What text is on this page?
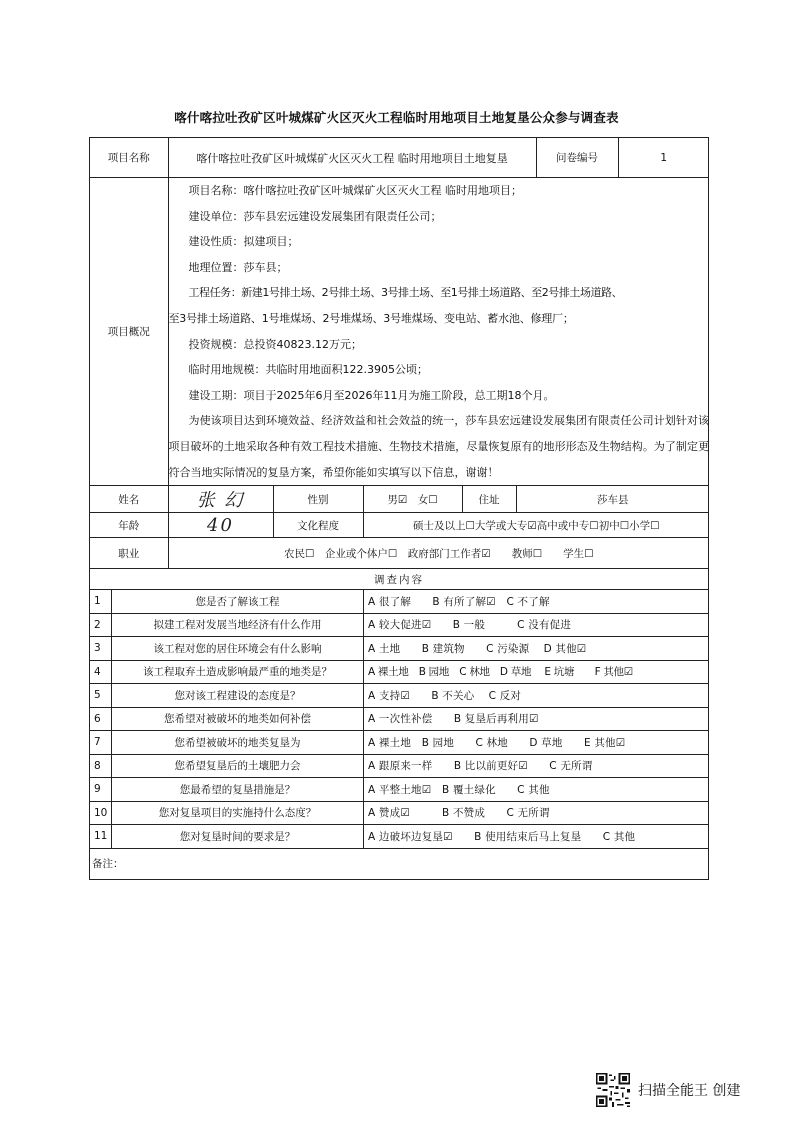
喀什喀拉吐孜矿区叶城煤矿火区灭火工程临时用地项目土地复垦公众参与调查表
项目名称	喀什喀拉吐孜矿区叶城煤矿火区灭火工程 临时用地项目土地复垦	问卷编号	1

项目概况	
项目名称：喀什喀拉吐孜矿区叶城煤矿火区灭火工程 临时用地项目；
建设单位：莎车县宏远建设发展集团有限责任公司；
建设性质：拟建项目；
地理位置：莎车县；
工程任务：新建1号排土场、2号排土场、3号排土场、至1号排土场道路、至2号排土场道路、
至3号排土场道路、1号堆煤场、2号堆煤场、3号堆煤场、变电站、蓄水池、修理厂；
投资规模：总投资40823.12万元；
临时用地规模：共临时用地面积122.3905公顷；
建设工期：项目于2025年6月至2026年11月为施工阶段，总工期18个月。
为使该项目达到环境效益、经济效益和社会效益的统一，莎车县宏远建设发展集团有限责任公司计划针对该项目破坏的土地采取各种有效工程技术措施、生物技术措施，尽量恢复原有的地形形态及生物结构。为了制定更符合当地实际情况的复垦方案，希望你能如实填写以下信息，谢谢！

姓名	张 幻	性别	男☑　女☐	住址	莎车县

年龄	40	文化程度	硕士及以上☐大学或大专☑高中或中专☐初中☐小学☐

职业	农民☐　企业或个体户☐　政府部门工作者☑　　教师☐　　学生☐

调查内容
1	您是否了解该工程	A 很了解　　B 有所了解☑　C 不了解
2	拟建工程对发展当地经济有什么作用	A 较大促进☑　　B 一般　　　C 没有促进
3	该工程对您的居住环境会有什么影响	A 土地　　B 建筑物　　C 污染源　 D 其他☑
4	该工程取弃土造成影响最严重的地类是？	A 裸土地　B 园地　C 林地　D 草地　 E 坑塘　　F 其他☑
5	您对该工程建设的态度是？	A 支持☑　　B 不关心　 C 反对
6	您希望对被破坏的地类如何补偿	A 一次性补偿　　B 复垦后再利用☑
7	您希望被破坏的地类复垦为	A 裸土地　B 园地　　C 林地　　D 草地　　E 其他☑
8	您希望复垦后的土壤肥力会	A 跟原来一样　　B 比以前更好☑　　C 无所谓
9	您最希望的复垦措施是？	A 平整土地☑　B 覆土绿化　　C 其他
10	您对复垦项目的实施持什么态度？	A 赞成☑　　　B 不赞成　　C 无所谓
11	您对复垦时间的要求是？	A 边破坏边复垦☑　　B 使用结束后马上复垦　　C 其他
备注：
扫描全能王 创建
